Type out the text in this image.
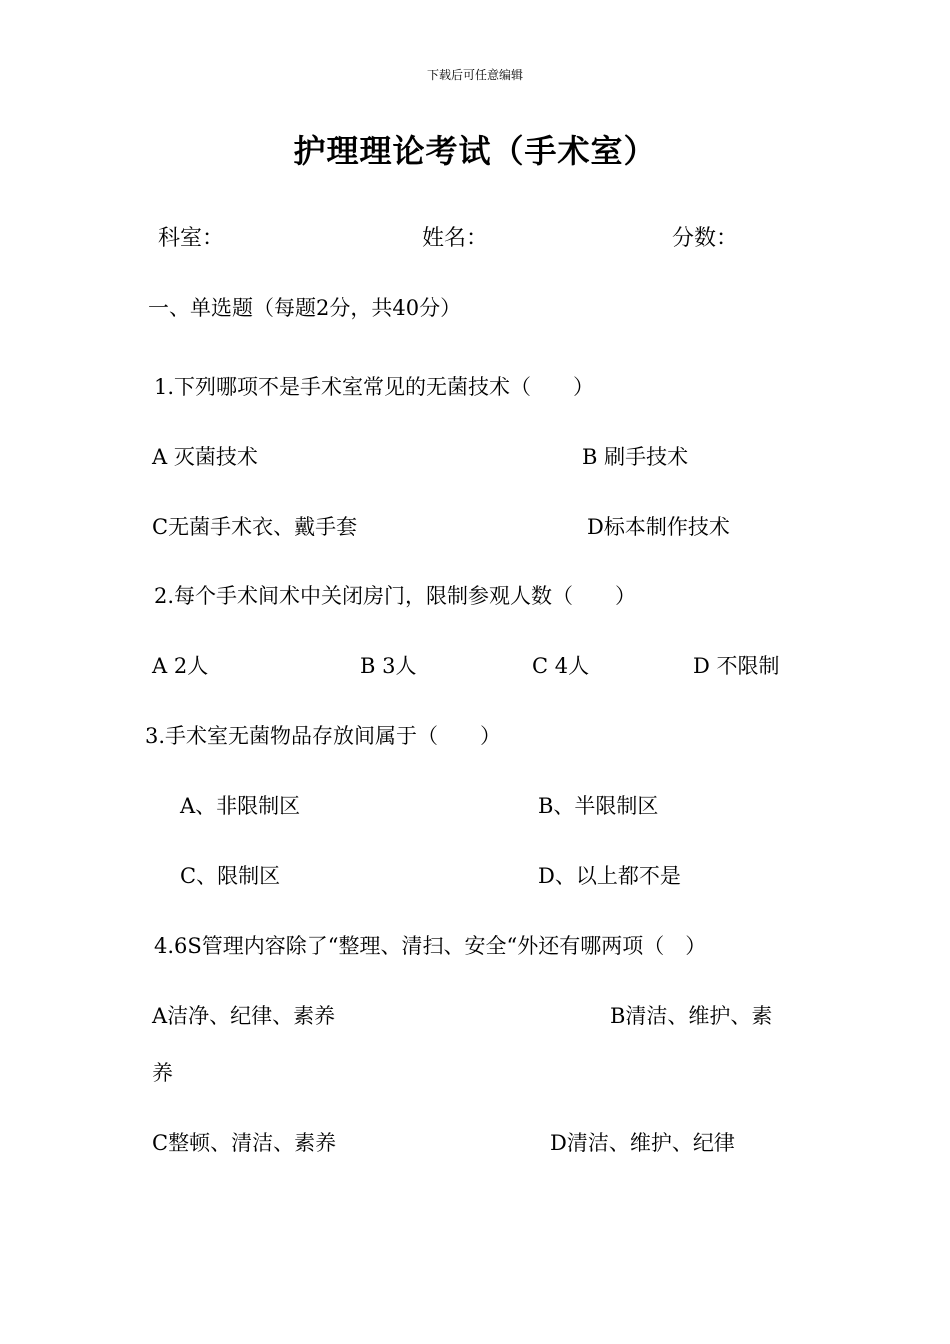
下载后可任意编辑
护理理论考试（手术室）
科室：	姓名：	分数：
一、单选题（每题2分，共40分）
1.下列哪项不是手术室常见的无菌技术（　　）
A 灭菌技术	B 刷手技术
C无菌手术衣、戴手套	D标本制作技术
2.每个手术间术中关闭房门，限制参观人数（　　）
A 2人	B 3人	C 4人	D 不限制
3.手术室无菌物品存放间属于（　　）
A、非限制区	B、半限制区
C、限制区	D、以上都不是
4.6S管理内容除了“整理、清扫、安全“外还有哪两项（　）
A洁净、纪律、素养	B清洁、维护、素
养
C整顿、清洁、素养	D清洁、维护、纪律
